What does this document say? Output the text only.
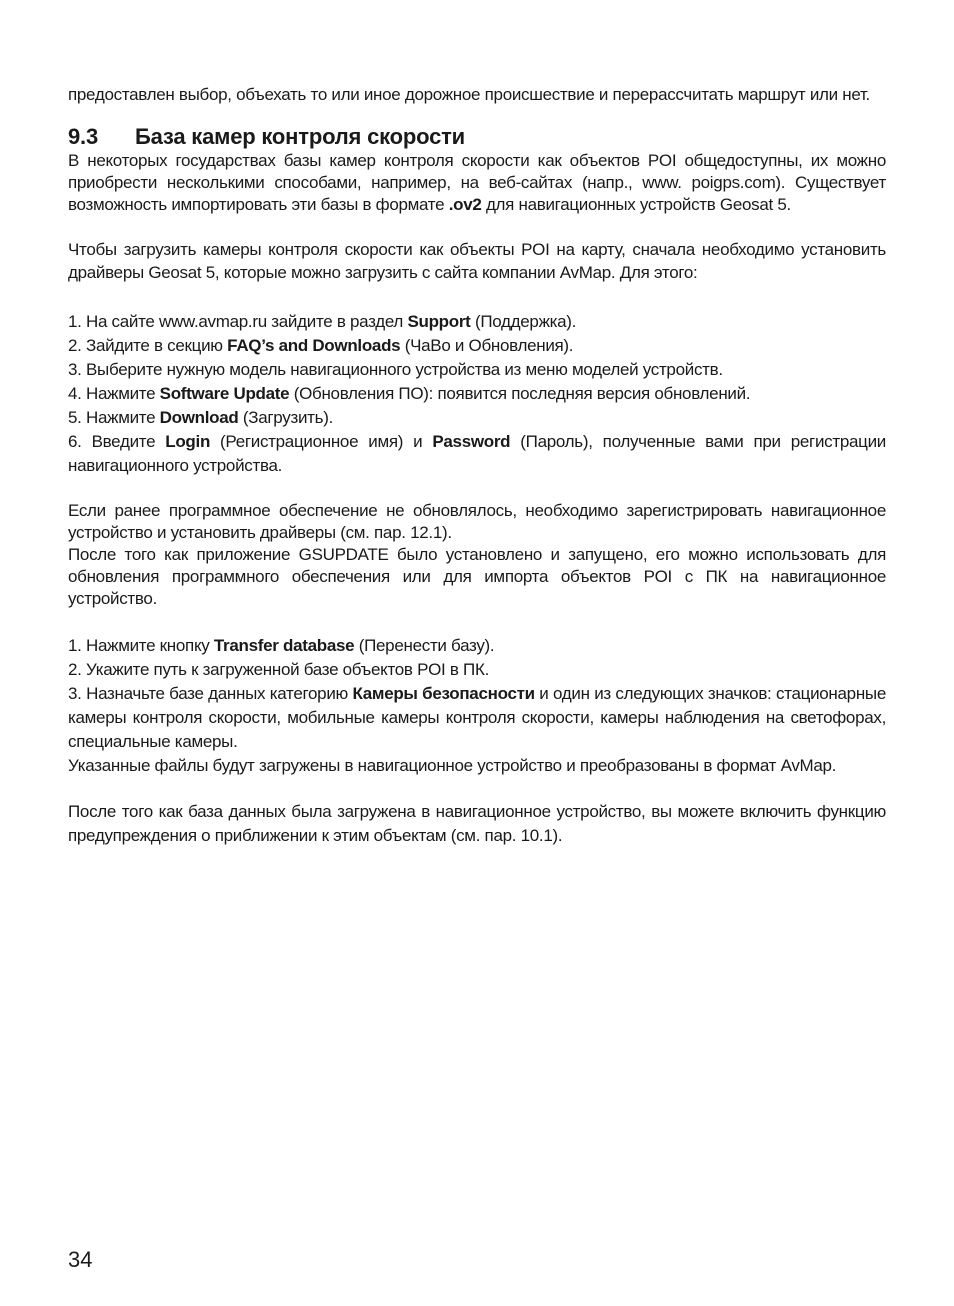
предоставлен выбор, объехать то или иное дорожное происшествие и перерассчитать маршрут или нет.

9.3 База камер контроля скорости

В некоторых государствах базы камер контроля скорости как объектов POI общедоступны, их можно приобрести несколькими способами, например, на веб-сайтах (напр., www. poigps.com). Существует возможность импортировать эти базы в формате .ov2 для навигационных устройств Geosat 5.

Чтобы загрузить камеры контроля скорости как объекты POI на карту, сначала необходимо установить драйверы Geosat 5, которые можно загрузить с сайта компании AvMap. Для этого:

1. На сайте www.avmap.ru зайдите в раздел Support (Поддержка).

2. Зайдите в секцию FAQ’s and Downloads (ЧаВо и Обновления).

3. Выберите нужную модель навигационного устройства из меню моделей устройств.

4. Нажмите Software Update (Обновления ПО): появится последняя версия обновлений.

5. Нажмите Download (Загрузить).

6. Введите Login (Регистрационное имя) и Password (Пароль), полученные вами при регистрации навигационного устройства.

Если ранее программное обеспечение не обновлялось, необходимо зарегистрировать навигационное устройство и установить драйверы (см. пар. 12.1).

После того как приложение GSUPDATE было установлено и запущено, его можно использовать для обновления программного обеспечения или для импорта объектов POI с ПК на навигационное устройство.

1. Нажмите кнопку Transfer database (Перенести базу).

2. Укажите путь к загруженной базе объектов POI в ПК.

3. Назначьте базе данных категорию Камеры безопасности и один из следующих значков: стационарные камеры контроля скорости, мобильные камеры контроля скорости, камеры наблюдения на светофорах, специальные камеры.

Указанные файлы будут загружены в навигационное устройство и преобразованы в формат AvMap.

После того как база данных была загружена в навигационное устройство, вы можете включить функцию предупреждения о приближении к этим объектам (см. пар. 10.1).

34
